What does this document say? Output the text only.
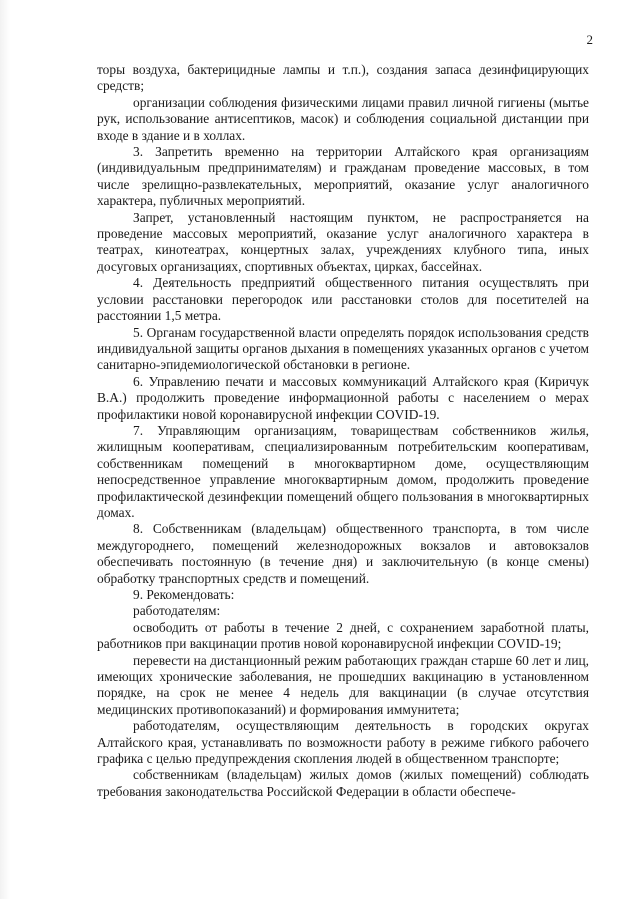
2

торы воздуха, бактерицидные лампы и т.п.), создания запаса дезинфицирующих средств;

организации соблюдения физическими лицами правил личной гигиены (мытье рук, использование антисептиков, масок) и соблюдения социальной дистанции при входе в здание и в холлах.

3. Запретить временно на территории Алтайского края организациям (индивидуальным предпринимателям) и гражданам проведение массовых, в том числе зрелищно-развлекательных, мероприятий, оказание услуг аналогичного характера, публичных мероприятий.

Запрет, установленный настоящим пунктом, не распространяется на проведение массовых мероприятий, оказание услуг аналогичного характера в театрах, кинотеатрах, концертных залах, учреждениях клубного типа, иных досуговых организациях, спортивных объектах, цирках, бассейнах.

4. Деятельность предприятий общественного питания осуществлять при условии расстановки перегородок или расстановки столов для посетителей на расстоянии 1,5 метра.

5. Органам государственной власти определять порядок использования средств индивидуальной защиты органов дыхания в помещениях указанных органов с учетом санитарно-эпидемиологической обстановки в регионе.

6. Управлению печати и массовых коммуникаций Алтайского края (Киричук В.А.) продолжить проведение информационной работы с населением о мерах профилактики новой коронавирусной инфекции COVID-19.

7. Управляющим организациям, товариществам собственников жилья, жилищным кооперативам, специализированным потребительским кооперативам, собственникам помещений в многоквартирном доме, осуществляющим непосредственное управление многоквартирным домом, продолжить проведение профилактической дезинфекции помещений общего пользования в многоквартирных домах.

8. Собственникам (владельцам) общественного транспорта, в том числе междугороднего, помещений железнодорожных вокзалов и автовокзалов обеспечивать постоянную (в течение дня) и заключительную (в конце смены) обработку транспортных средств и помещений.

9. Рекомендовать:

работодателям:

освободить от работы в течение 2 дней, с сохранением заработной платы, работников при вакцинации против новой коронавирусной инфекции COVID-19;

перевести на дистанционный режим работающих граждан старше 60 лет и лиц, имеющих хронические заболевания, не прошедших вакцинацию в установленном порядке, на срок не менее 4 недель для вакцинации (в случае отсутствия медицинских противопоказаний) и формирования иммунитета;

работодателям, осуществляющим деятельность в городских округах Алтайского края, устанавливать по возможности работу в режиме гибкого рабочего графика с целью предупреждения скопления людей в общественном транспорте;

собственникам (владельцам) жилых домов (жилых помещений) соблюдать требования законодательства Российской Федерации в области обеспече-
